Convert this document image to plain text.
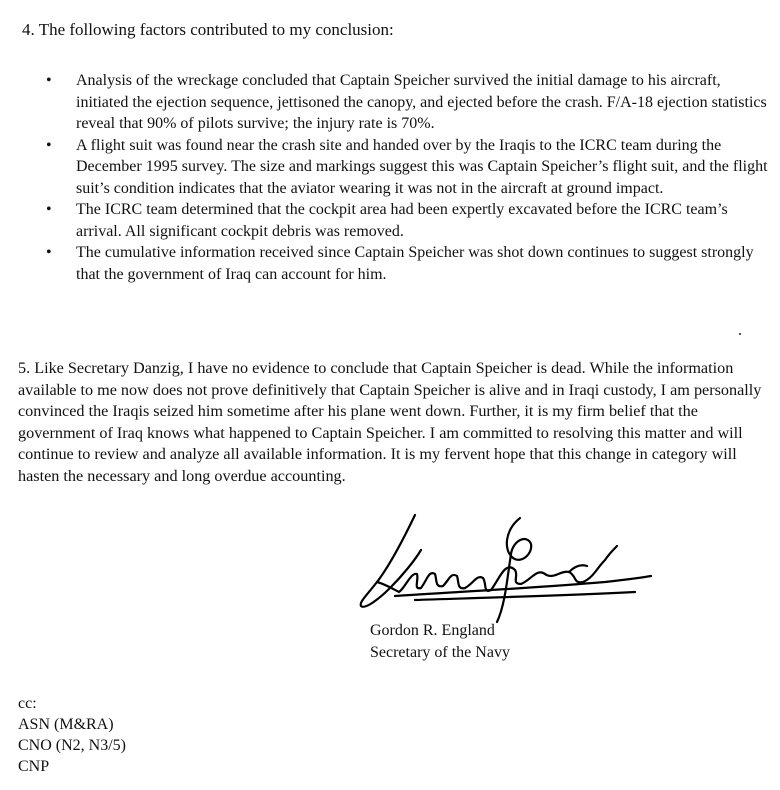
4. The following factors contributed to my conclusion:
• Analysis of the wreckage concluded that Captain Speicher survived the initial damage to his aircraft, initiated the ejection sequence, jettisoned the canopy, and ejected before the crash. F/A-18 ejection statistics reveal that 90% of pilots survive; the injury rate is 70%.
• A flight suit was found near the crash site and handed over by the Iraqis to the ICRC team during the December 1995 survey. The size and markings suggest this was Captain Speicher’s flight suit, and the flight suit’s condition indicates that the aviator wearing it was not in the aircraft at ground impact.
• The ICRC team determined that the cockpit area had been expertly excavated before the ICRC team’s arrival. All significant cockpit debris was removed.
• The cumulative information received since Captain Speicher was shot down continues to suggest strongly that the government of Iraq can account for him.
5. Like Secretary Danzig, I have no evidence to conclude that Captain Speicher is dead. While the information available to me now does not prove definitively that Captain Speicher is alive and in Iraqi custody, I am personally convinced the Iraqis seized him sometime after his plane went down. Further, it is my firm belief that the government of Iraq knows what happened to Captain Speicher. I am committed to resolving this matter and will continue to review and analyze all available information. It is my fervent hope that this change in category will hasten the necessary and long overdue accounting.
Gordon R. England
Secretary of the Navy
cc:
ASN (M&RA)
CNO (N2, N3/5)
CNP
